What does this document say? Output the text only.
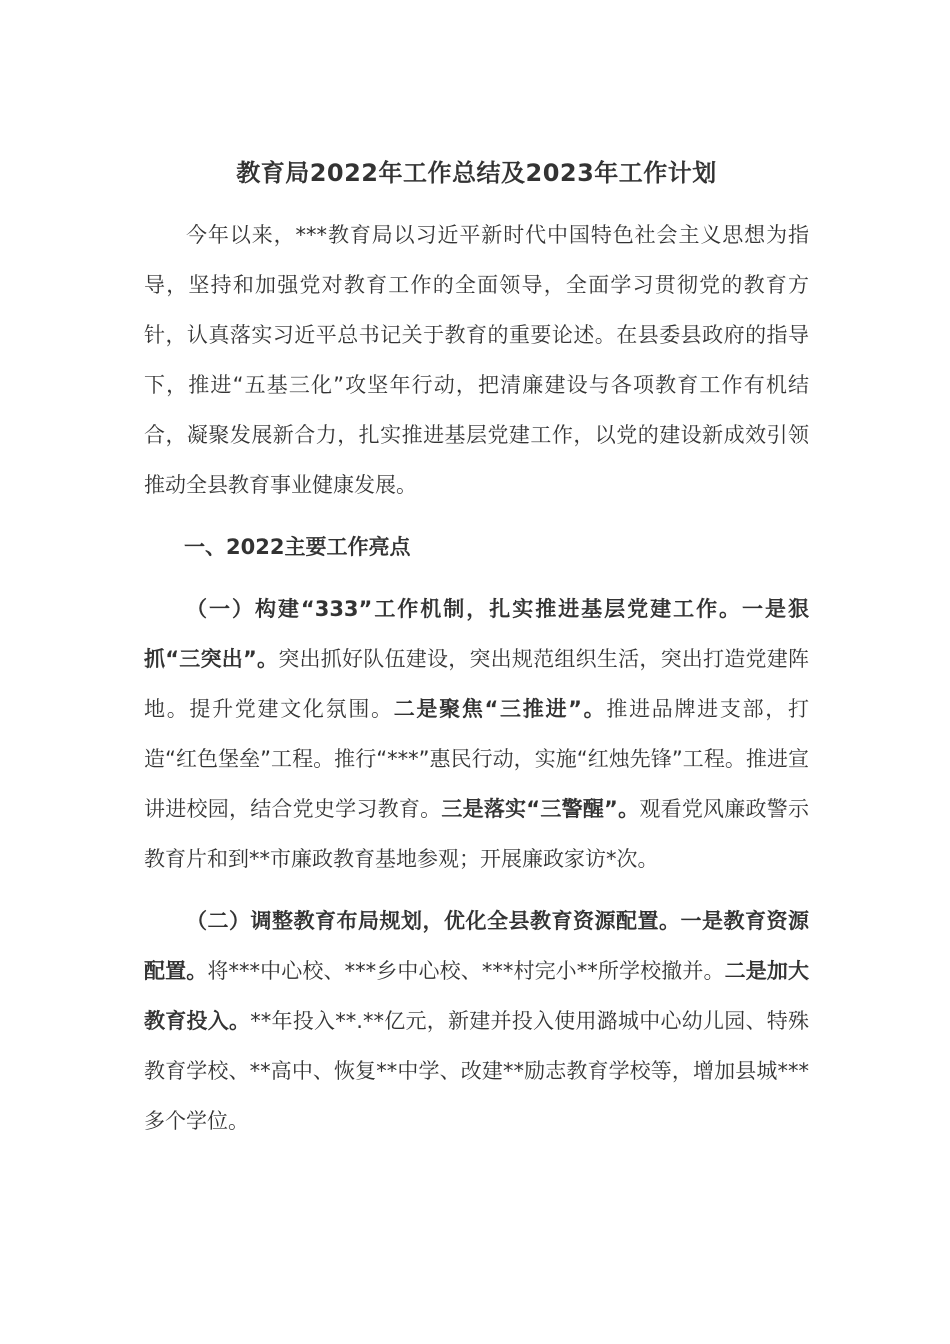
教育局2022年工作总结及2023年工作计划

今年以来，***教育局以习近平新时代中国特色社会主义思想为指导，坚持和加强党对教育工作的全面领导，全面学习贯彻党的教育方针，认真落实习近平总书记关于教育的重要论述。在县委县政府的指导下，推进“五基三化”攻坚年行动，把清廉建设与各项教育工作有机结合，凝聚发展新合力，扎实推进基层党建工作，以党的建设新成效引领推动全县教育事业健康发展。

一、2022主要工作亮点

（一）构建“333”工作机制，扎实推进基层党建工作。一是狠抓“三突出”。突出抓好队伍建设，突出规范组织生活，突出打造党建阵地。提升党建文化氛围。二是聚焦“三推进”。推进品牌进支部，打造“红色堡垒”工程。推行“***”惠民行动，实施“红烛先锋”工程。推进宣讲进校园，结合党史学习教育。三是落实“三警醒”。观看党风廉政警示教育片和到**市廉政教育基地参观；开展廉政家访*次。

（二）调整教育布局规划，优化全县教育资源配置。一是教育资源配置。将***中心校、***乡中心校、***村完小**所学校撤并。二是加大教育投入。**年投入**.**亿元，新建并投入使用潞城中心幼儿园、特殊教育学校、**高中、恢复**中学、改建**励志教育学校等，增加县城***多个学位。
